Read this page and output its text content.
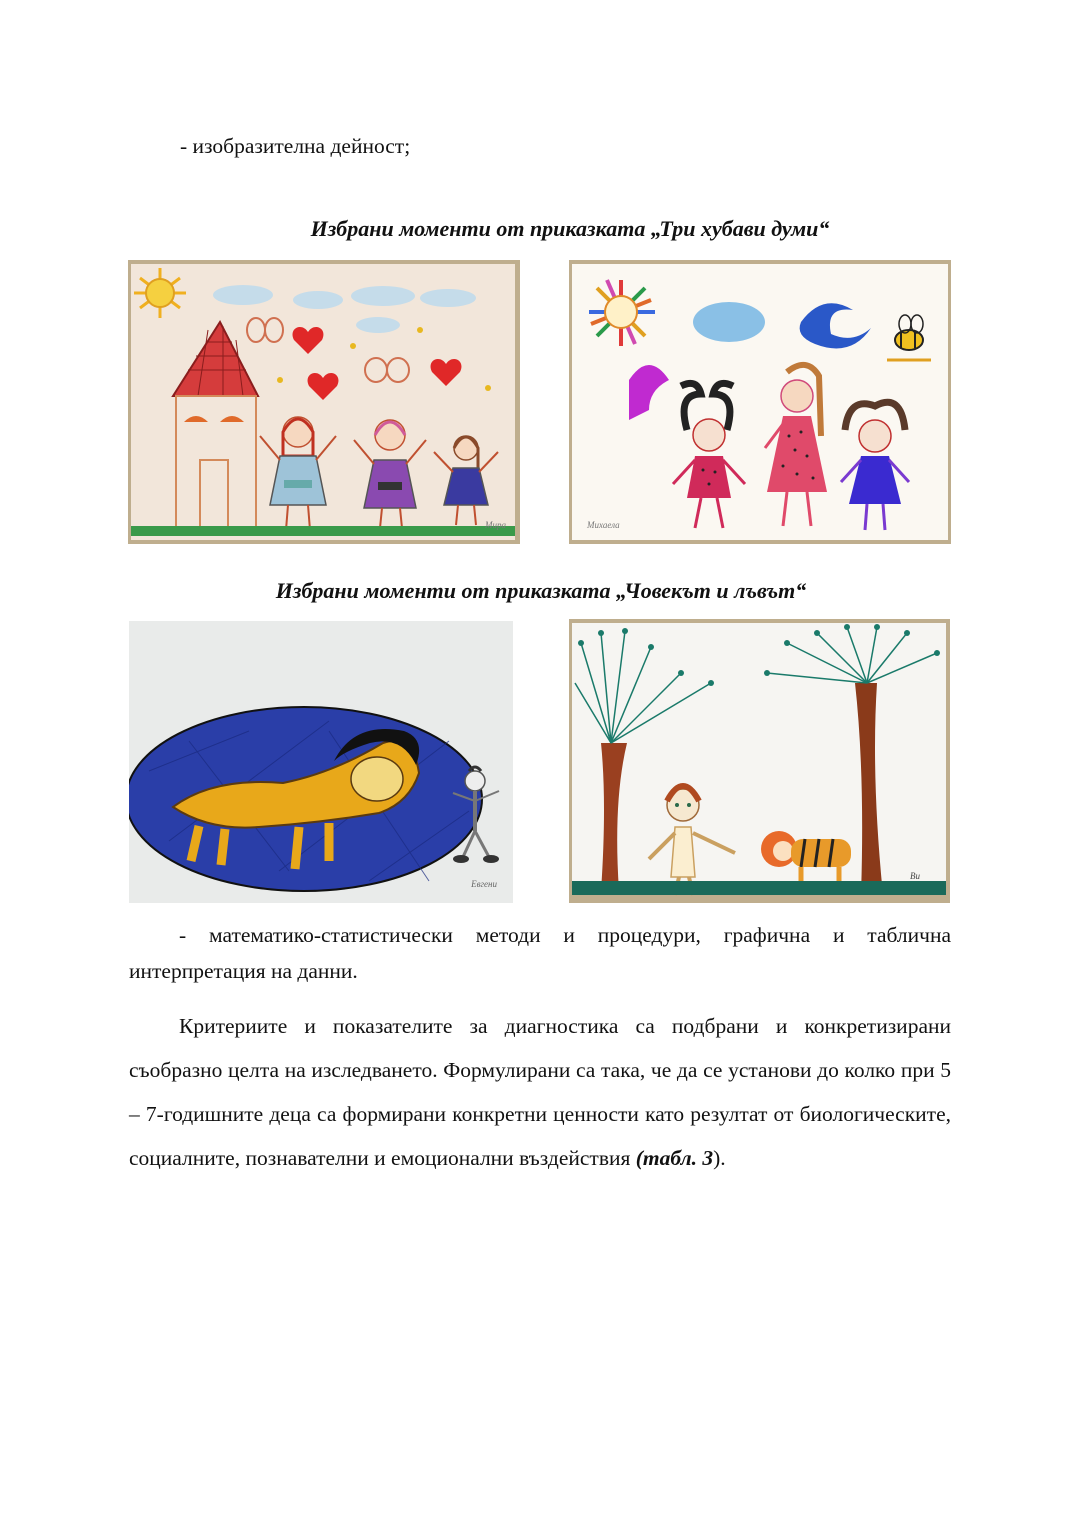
- изобразителна дейност;
Избрани моменти от приказката „Три хубави думи“
Мира	Михаела
Избрани моменти от приказката „Човекът и лъвът“
Евгени
Ви
- математико-статистически методи и процедури, графична и таблична интерпретация на данни.
Критериите и показателите за диагностика са подбрани и конкретизирани съобразно целта на изследването. Формулирани са така, че да се установи до колко при 5 – 7-годишните деца са формирани конкретни ценности като резултат от биологическите, социалните, познавателни и емоционални въздействия (табл. 3).
